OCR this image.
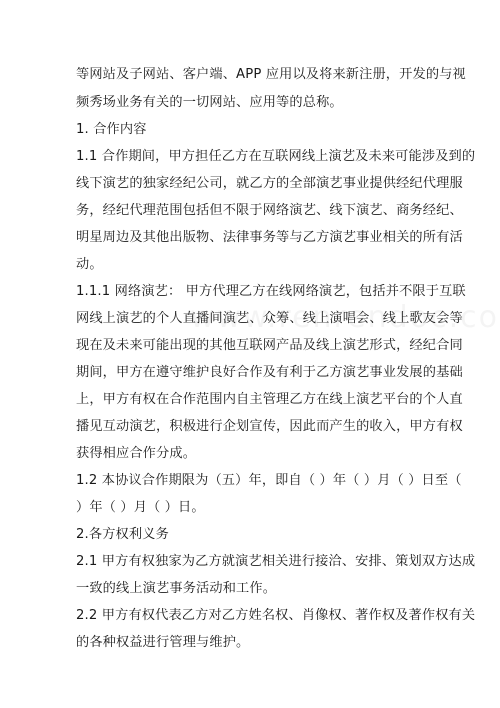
等网站及子网站、客户端、APP 应用以及将来新注册，开发的与视
频秀场业务有关的一切网站、应用等的总称。
1. 合作内容
1.1 合作期间，甲方担任乙方在互联网线上演艺及未来可能涉及到的
线下演艺的独家经纪公司，就乙方的全部演艺事业提供经纪代理服
务，经纪代理范围包括但不限于网络演艺、线下演艺、商务经纪、
明星周边及其他出版物、法律事务等与乙方演艺事业相关的所有活
动。
1.1.1 网络演艺： 甲方代理乙方在线网络演艺，包括并不限于互联
网线上演艺的个人直播间演艺、众筹、线上演唱会、线上歌友会等
现在及未来可能出现的其他互联网产品及线上演艺形式，经纪合同
期间，甲方在遵守维护良好合作及有利于乙方演艺事业发展的基础
上，甲方有权在合作范围内自主管理乙方在线上演艺平台的个人直
播见互动演艺，积极进行企划宣传，因此而产生的收入，甲方有权
获得相应合作分成。
1.2 本协议合作期限为（五）年，即自（ ）年（ ）月（ ）日至（
）年（ ）月（ ）日。
2.各方权利义务
2.1 甲方有权独家为乙方就演艺相关进行接洽、安排、策划双方达成
一致的线上演艺事务活动和工作。
2.2 甲方有权代表乙方对乙方姓名权、肖像权、著作权及著作权有关
的各种权益进行管理与维护。
